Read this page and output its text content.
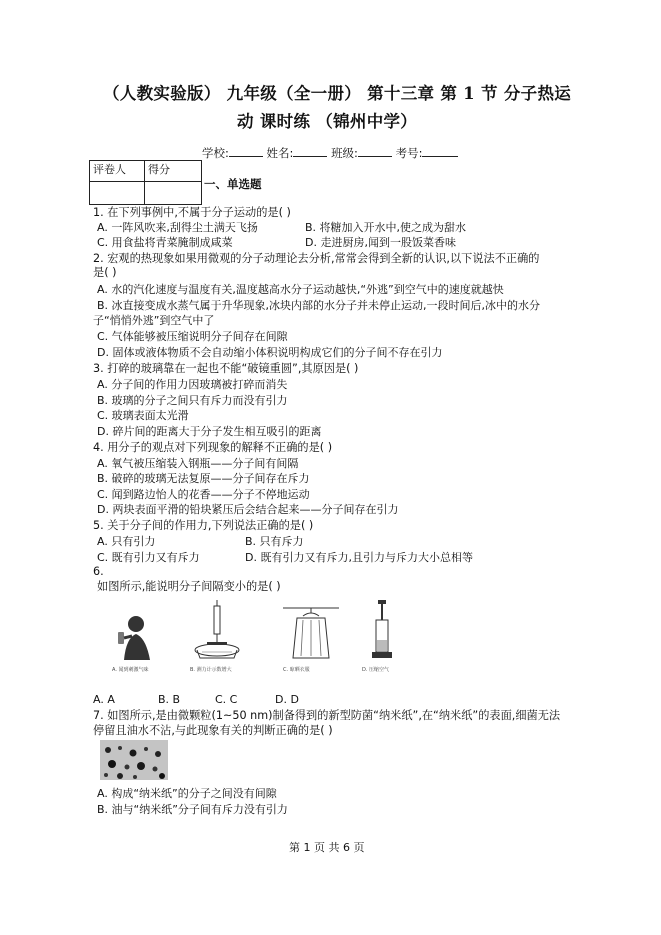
（人教实验版） 九年级（全一册） 第十三章 第 1 节 分子热运
动 课时练 （锦州中学）
学校:	姓名:	班级:	考号:
评卷人	得分

一、单选题
1. 在下列事例中,不属于分子运动的是( )
A. 一阵风吹来,刮得尘土满天飞扬	B. 将糖加入开水中,使之成为甜水
C. 用食盐将青菜腌制成咸菜	D. 走进厨房,闻到一股饭菜香味
2. 宏观的热现象如果用微观的分子动理论去分析,常常会得到全新的认识,以下说法不正确的
是( )
A. 水的汽化速度与温度有关,温度越高水分子运动越快,“外逃”到空气中的速度就越快
B. 冰直接变成水蒸气属于升华现象,冰块内部的水分子并未停止运动,一段时间后,冰中的水分
子“悄悄外逃”到空气中了
C. 气体能够被压缩说明分子间存在间隙
D. 固体或液体物质不会自动缩小体积说明构成它们的分子间不存在引力
3. 打碎的玻璃靠在一起也不能“破镜重圆”,其原因是( )
A. 分子间的作用力因玻璃被打碎而消失
B. 玻璃的分子之间只有斥力而没有引力
C. 玻璃表面太光滑
D. 碎片间的距离大于分子发生相互吸引的距离
4. 用分子的观点对下列现象的解释不正确的是( )
A. 氧气被压缩装入钢瓶——分子间有间隔
B. 破碎的玻璃无法复原——分子间存在斥力
C. 闻到路边怡人的花香——分子不停地运动
D. 两块表面平滑的铅块紧压后会结合起来——分子间存在引力
5. 关于分子间的作用力,下列说法正确的是( )
A. 只有引力	B. 只有斥力
C. 既有引力又有斥力	D. 既有引力又有斥力,且引力与斥力大小总相等
6.
如图所示,能说明分子间隔变小的是( )
A. 闻到刺激气味	B. 测力计示数增大	C. 晾晒衣服	D. 压缩空气
A. A	B. B	C. C	D. D
7. 如图所示,是由微颗粒(1~50 nm)制备得到的新型防菌“纳米纸”,在“纳米纸”的表面,细菌无法
停留且油水不沾,与此现象有关的判断正确的是( )
A. 构成“纳米纸”的分子之间没有间隙
B. 油与“纳米纸”分子间有斥力没有引力
第 1 页 共 6 页
